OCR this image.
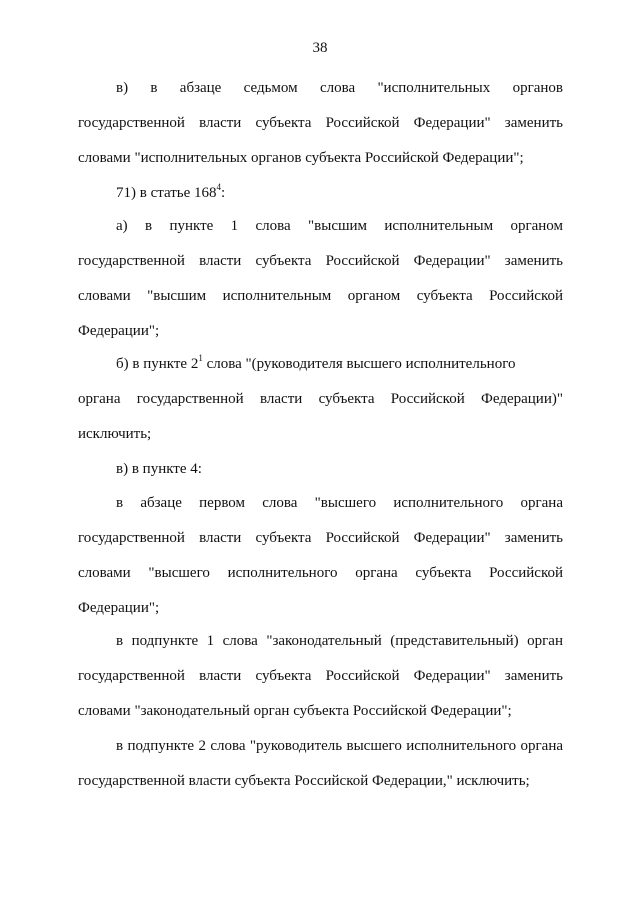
38
в) в абзаце седьмом слова "исполнительных органов
государственной власти субъекта Российской Федерации" заменить
словами "исполнительных органов субъекта Российской Федерации";
71) в статье $168^4$:
а) в пункте 1 слова "высшим исполнительным органом
государственной власти субъекта Российской Федерации" заменить
словами "высшим исполнительным органом субъекта Российской
Федерации";
б) в пункте $2^1$ слова "(руководителя высшего исполнительного
органа государственной власти субъекта Российской Федерации)"
исключить;
в) в пункте 4:
в абзаце первом слова "высшего исполнительного органа
государственной власти субъекта Российской Федерации" заменить
словами "высшего исполнительного органа субъекта Российской
Федерации";
в подпункте 1 слова "законодательный (представительный) орган
государственной власти субъекта Российской Федерации" заменить
словами "законодательный орган субъекта Российской Федерации";
в подпункте 2 слова "руководитель высшего исполнительного органа
государственной власти субъекта Российской Федерации," исключить;
